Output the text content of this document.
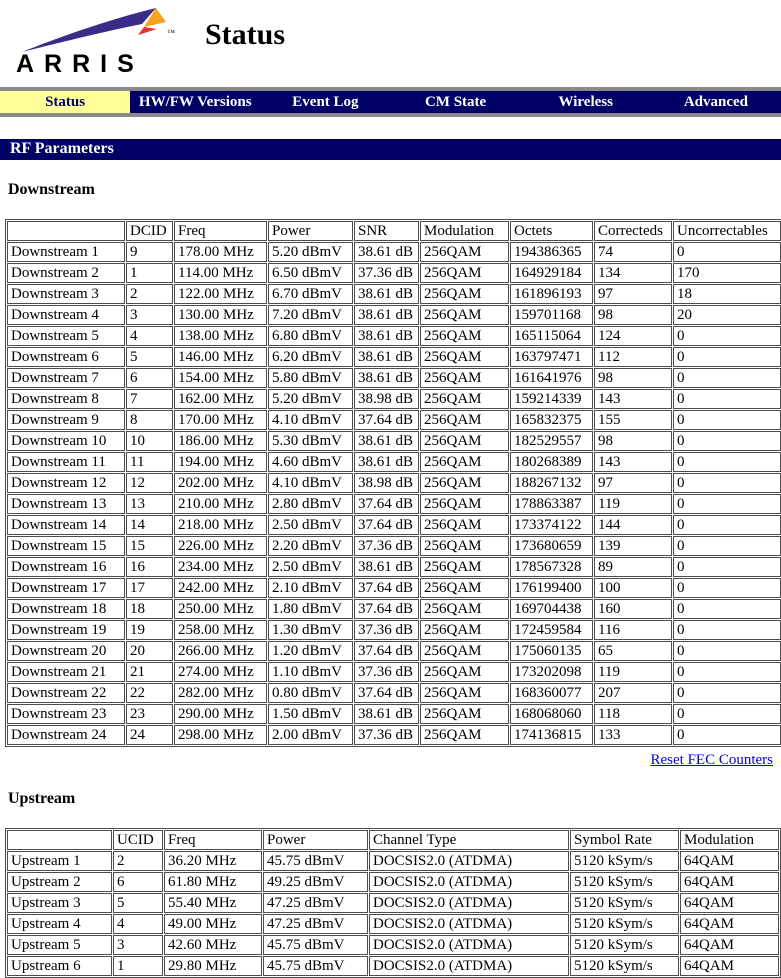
ARRIS
™ Status
Status	HW/FW Versions	Event Log	CM State	Wireless	Advanced
RF Parameters
Downstream
	DCID	Freq	Power	SNR	Modulation	Octets	Correcteds	Uncorrectables
Downstream 1	9	178.00 MHz	5.20 dBmV	38.61 dB	256QAM	194386365	74	0
Downstream 2	1	114.00 MHz	6.50 dBmV	37.36 dB	256QAM	164929184	134	170
Downstream 3	2	122.00 MHz	6.70 dBmV	38.61 dB	256QAM	161896193	97	18
Downstream 4	3	130.00 MHz	7.20 dBmV	38.61 dB	256QAM	159701168	98	20
Downstream 5	4	138.00 MHz	6.80 dBmV	38.61 dB	256QAM	165115064	124	0
Downstream 6	5	146.00 MHz	6.20 dBmV	38.61 dB	256QAM	163797471	112	0
Downstream 7	6	154.00 MHz	5.80 dBmV	38.61 dB	256QAM	161641976	98	0
Downstream 8	7	162.00 MHz	5.20 dBmV	38.98 dB	256QAM	159214339	143	0
Downstream 9	8	170.00 MHz	4.10 dBmV	37.64 dB	256QAM	165832375	155	0
Downstream 10	10	186.00 MHz	5.30 dBmV	38.61 dB	256QAM	182529557	98	0
Downstream 11	11	194.00 MHz	4.60 dBmV	38.61 dB	256QAM	180268389	143	0
Downstream 12	12	202.00 MHz	4.10 dBmV	38.98 dB	256QAM	188267132	97	0
Downstream 13	13	210.00 MHz	2.80 dBmV	37.64 dB	256QAM	178863387	119	0
Downstream 14	14	218.00 MHz	2.50 dBmV	37.64 dB	256QAM	173374122	144	0
Downstream 15	15	226.00 MHz	2.20 dBmV	37.36 dB	256QAM	173680659	139	0
Downstream 16	16	234.00 MHz	2.50 dBmV	38.61 dB	256QAM	178567328	89	0
Downstream 17	17	242.00 MHz	2.10 dBmV	37.64 dB	256QAM	176199400	100	0
Downstream 18	18	250.00 MHz	1.80 dBmV	37.64 dB	256QAM	169704438	160	0
Downstream 19	19	258.00 MHz	1.30 dBmV	37.36 dB	256QAM	172459584	116	0
Downstream 20	20	266.00 MHz	1.20 dBmV	37.64 dB	256QAM	175060135	65	0
Downstream 21	21	274.00 MHz	1.10 dBmV	37.36 dB	256QAM	173202098	119	0
Downstream 22	22	282.00 MHz	0.80 dBmV	37.64 dB	256QAM	168360077	207	0
Downstream 23	23	290.00 MHz	1.50 dBmV	38.61 dB	256QAM	168068060	118	0
Downstream 24	24	298.00 MHz	2.00 dBmV	37.36 dB	256QAM	174136815	133	0
Reset FEC Counters
Upstream
	UCID	Freq	Power	Channel Type	Symbol Rate	Modulation
Upstream 1	2	36.20 MHz	45.75 dBmV	DOCSIS2.0 (ATDMA)	5120 kSym/s	64QAM
Upstream 2	6	61.80 MHz	49.25 dBmV	DOCSIS2.0 (ATDMA)	5120 kSym/s	64QAM
Upstream 3	5	55.40 MHz	47.25 dBmV	DOCSIS2.0 (ATDMA)	5120 kSym/s	64QAM
Upstream 4	4	49.00 MHz	47.25 dBmV	DOCSIS2.0 (ATDMA)	5120 kSym/s	64QAM
Upstream 5	3	42.60 MHz	45.75 dBmV	DOCSIS2.0 (ATDMA)	5120 kSym/s	64QAM
Upstream 6	1	29.80 MHz	45.75 dBmV	DOCSIS2.0 (ATDMA)	5120 kSym/s	64QAM
